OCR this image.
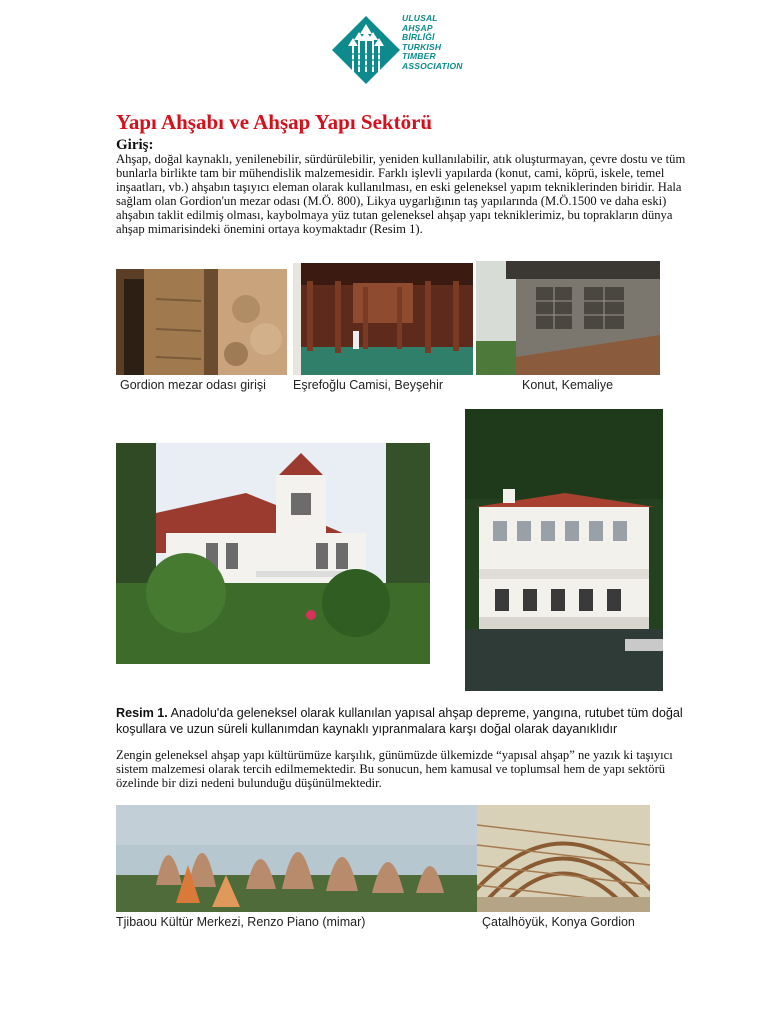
ULUSAL
AHŞAP
BİRLİĞİ
TURKISH
TIMBER
ASSOCIATION
Yapı Ahşabı ve Ahşap Yapı Sektörü
Giriş:
Ahşap, doğal kaynaklı, yenilenebilir, sürdürülebilir, yeniden kullanılabilir, atık oluşturmayan, çevre dostu ve tüm bunlarla birlikte tam bir mühendislik malzemesidir. Farklı işlevli yapılarda (konut, cami, köprü, iskele, temel inşaatları, vb.) ahşabın taşıyıcı eleman olarak kullanılması, en eski geleneksel yapım tekniklerinden biridir. Hala sağlam olan Gordion'un mezar odası (M.Ö. 800), Likya uygarlığının taş yapılarında (M.Ö.1500 ve daha eski) ahşabın taklit edilmiş olması, kaybolmaya yüz tutan geleneksel ahşap yapı tekniklerimiz, bu toprakların dünya ahşap mimarisindeki önemini ortaya koymaktadır (Resim 1).
Gordion mezar odası girişi Eşrefoğlu Camisi, Beyşehir	Konut, Kemaliye
Resim 1. Anadolu'da geleneksel olarak kullanılan yapısal ahşap depreme, yangına, rutubet tüm doğal koşullara ve uzun süreli kullanımdan kaynaklı yıpranmalara karşı doğal olarak dayanıklıdır
Zengin geleneksel ahşap yapı kültürümüze karşılık, günümüzde ülkemizde “yapısal ahşap” ne yazık ki taşıyıcı sistem malzemesi olarak tercih edilmemektedir. Bu sonucun, hem kamusal ve toplumsal hem de yapı sektörü özelinde bir dizi nedeni bulunduğu düşünülmektedir.
Tjibaou Kültür Merkezi, Renzo Piano (mimar)	Çatalhöyük, Konya Gordion
